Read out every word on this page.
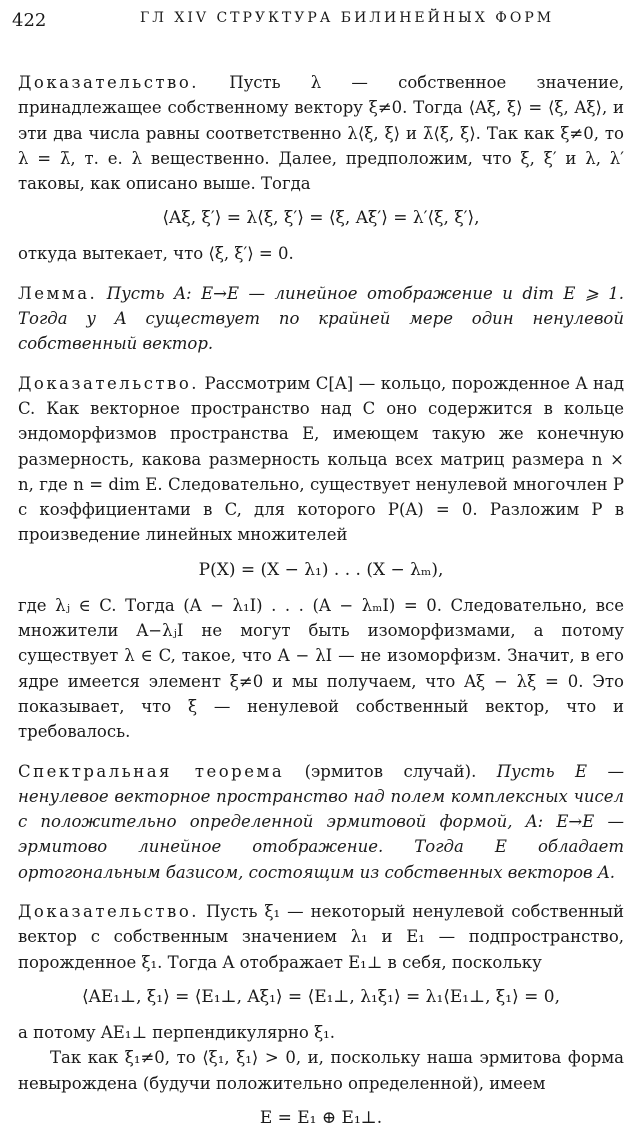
422	ГЛ XIV СТРУКТУРА БИЛИНЕЙНЫХ ФОРМ

Доказательство. Пусть λ — собственное значение, принадлежащее собственному вектору ξ≠0. Тогда ⟨Aξ, ξ⟩ = ⟨ξ, Aξ⟩, и эти два числа равны соответственно λ⟨ξ, ξ⟩ и λ̄⟨ξ, ξ⟩. Так как ξ≠0, то λ = λ̄, т. е. λ вещественно. Далее, предположим, что ξ, ξ′ и λ, λ′ таковы, как описано выше. Тогда

⟨Aξ, ξ′⟩ = λ⟨ξ, ξ′⟩ = ⟨ξ, Aξ′⟩ = λ′⟨ξ, ξ′⟩,

откуда вытекает, что ⟨ξ, ξ′⟩ = 0.

Лемма. Пусть A: E→E — линейное отображение и dim E ⩾ 1. Тогда у A существует по крайней мере один ненулевой собственный вектор.

Доказательство. Рассмотрим C[A] — кольцо, порожденное A над C. Как векторное пространство над C оно содержится в кольце эндоморфизмов пространства E, имеющем такую же конечную размерность, какова размерность кольца всех матриц размера n × n, где n = dim E. Следовательно, существует ненулевой многочлен P с коэффициентами в C, для которого P(A) = 0. Разложим P в произведение линейных множителей

P(X) = (X − λ₁) . . . (X − λₘ),

где λⱼ ∈ C. Тогда (A − λ₁I) . . . (A − λₘI) = 0. Следовательно, все множители A−λⱼI не могут быть изоморфизмами, а потому существует λ ∈ C, такое, что A − λI — не изоморфизм. Значит, в его ядре имеется элемент ξ≠0 и мы получаем, что Aξ − λξ = 0. Это показывает, что ξ — ненулевой собственный вектор, что и требовалось.

Спектральная теорема (эрмитов случай). Пусть E — ненулевое векторное пространство над полем комплексных чисел с положительно определенной эрмитовой формой, A: E→E — эрмитово линейное отображение. Тогда E обладает ортогональным базисом, состоящим из собственных векторов A.

Доказательство. Пусть ξ₁ — некоторый ненулевой собственный вектор с собственным значением λ₁ и E₁ — подпространство, порожденное ξ₁. Тогда A отображает E₁⊥ в себя, поскольку

⟨AE₁⊥, ξ₁⟩ = ⟨E₁⊥, Aξ₁⟩ = ⟨E₁⊥, λ₁ξ₁⟩ = λ₁⟨E₁⊥, ξ₁⟩ = 0,

а потому AE₁⊥ перпендикулярно ξ₁.

Так как ξ₁≠0, то ⟨ξ₁, ξ₁⟩ > 0, и, поскольку наша эрмитова форма невырождена (будучи положительно определенной), имеем

E = E₁ ⊕ E₁⊥.
